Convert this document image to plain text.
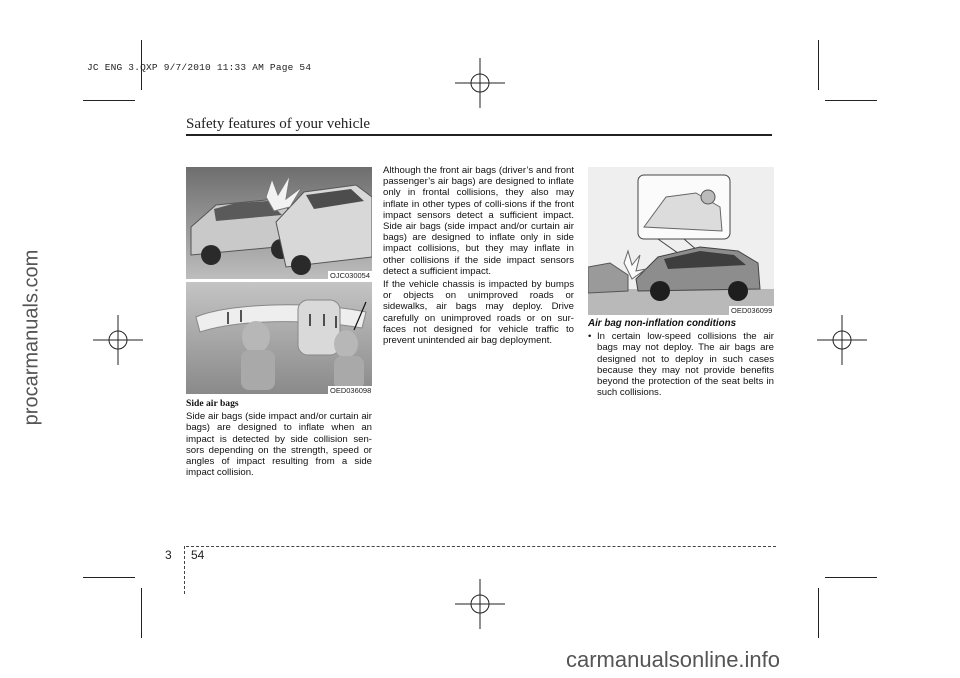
JC ENG 3.QXP 9/7/2010 11:33 AM Page 54
Safety features of your vehicle
OJC030054
OED036098

Side air bags

Side air bags (side impact and/or curtain air bags) are designed to inflate when an impact is detected by side collision sen-sors depending on the strength, speed or angles of impact resulting from a side impact collision.

Although the front air bags (driver’s and front passenger’s air bags) are designed to inflate only in frontal collisions, they also may inflate in other types of colli-sions if the front impact sensors detect a sufficient impact. Side air bags (side impact and/or curtain air bags) are designed to inflate only in side impact collisions, but they may inflate in other collisions if the side impact sensors detect a sufficient impact.

If the vehicle chassis is impacted by bumps or objects on unimproved roads or sidewalks, air bags may deploy. Drive carefully on unimproved roads or on sur-faces not designed for vehicle traffic to prevent unintended air bag deployment.

OED036099

Air bag non-inflation conditions

• In certain low-speed collisions the air bags may not deploy. The air bags are designed not to deploy in such cases because they may not provide benefits beyond the protection of the seat belts in such collisions.
3 54
procarmanuals.com
carmanualsonline.info
